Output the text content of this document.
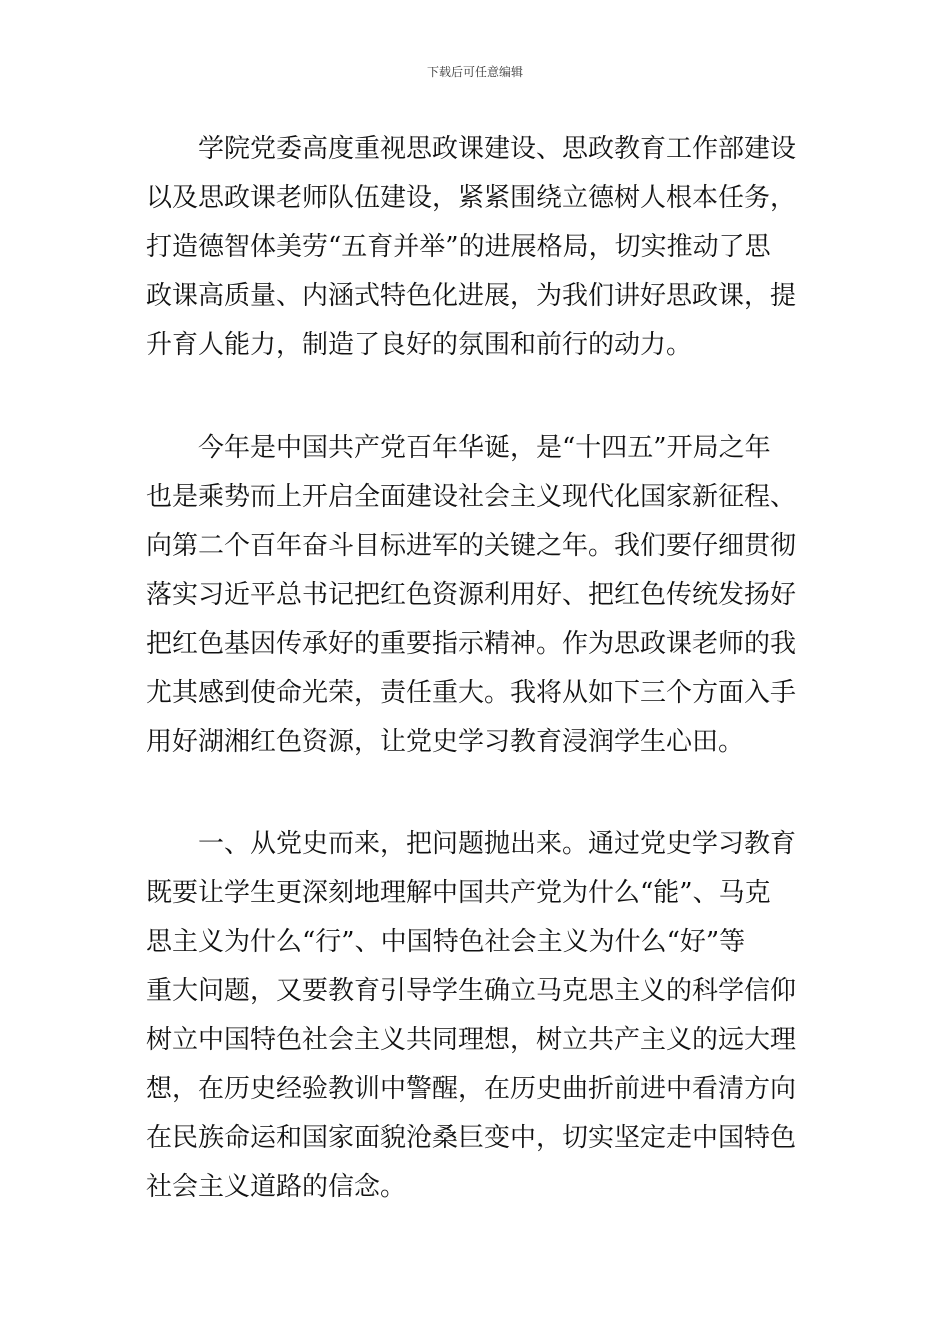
下载后可任意编辑
学院党委高度重视思政课建设、思政教育工作部建设
以及思政课老师队伍建设，紧紧围绕立德树人根本任务，
打造德智体美劳“五育并举”的进展格局，切实推动了思
政课高质量、内涵式特色化进展，为我们讲好思政课，提
升育人能力，制造了良好的氛围和前行的动力。
今年是中国共产党百年华诞，是“十四五”开局之年
也是乘势而上开启全面建设社会主义现代化国家新征程、
向第二个百年奋斗目标进军的关键之年。我们要仔细贯彻
落实习近平总书记把红色资源利用好、把红色传统发扬好
把红色基因传承好的重要指示精神。作为思政课老师的我
尤其感到使命光荣，责任重大。我将从如下三个方面入手
用好湖湘红色资源，让党史学习教育浸润学生心田。
一、从党史而来，把问题抛出来。通过党史学习教育
既要让学生更深刻地理解中国共产党为什么“能”、马克
思主义为什么“行”、中国特色社会主义为什么“好”等
重大问题，又要教育引导学生确立马克思主义的科学信仰
树立中国特色社会主义共同理想，树立共产主义的远大理
想，在历史经验教训中警醒，在历史曲折前进中看清方向
在民族命运和国家面貌沧桑巨变中，切实坚定走中国特色
社会主义道路的信念。
